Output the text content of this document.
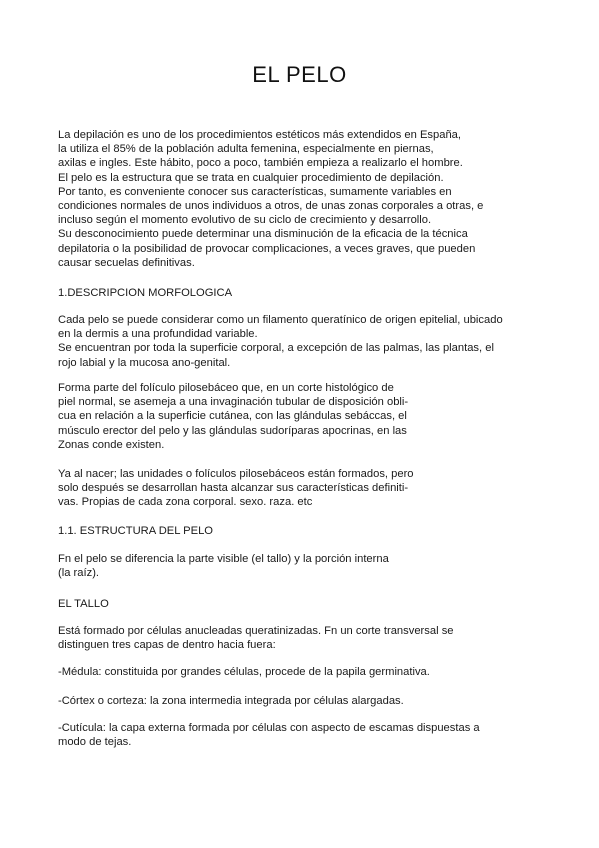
EL PELO
La depilación es uno de los procedimientos estéticos más extendidos en España,
la utiliza el 85% de la población adulta femenina, especialmente en piernas,
axilas e ingles. Este hábito, poco a poco, también empieza a realizarlo el hombre.
El pelo es la estructura que se trata en cualquier procedimiento de depilación.
Por tanto, es conveniente conocer sus características, sumamente variables en
condiciones normales de unos individuos a otros, de unas zonas corporales a otras, e
incluso según el momento evolutivo de su ciclo de crecimiento y desarrollo.
Su desconocimiento puede determinar una disminución de la eficacia de la técnica
depilatoria o la posibilidad de provocar complicaciones, a veces graves, que pueden
causar secuelas definitivas.
1.DESCRIPCION MORFOLOGICA
Cada pelo se puede considerar como un filamento queratínico de origen epitelial, ubicado
en la dermis a una profundidad variable.
Se encuentran por toda la superficie corporal, a excepción de las palmas, las plantas, el
rojo labial y la mucosa ano-genital.
Forma parte del folículo pilosebáceo que, en un corte histológico de
piel normal, se asemeja a una invaginación tubular de disposición obli-
cua en relación a la superficie cutánea, con las glándulas sebáccas, el
músculo erector del pelo y las glándulas sudoríparas apocrinas, en las
Zonas conde existen.
Ya al nacer; las unidades o folículos pilosebáceos están formados, pero
solo después se desarrollan hasta alcanzar sus características definiti-
vas. Propias de cada zona corporal. sexo. raza. etc
1.1. ESTRUCTURA DEL PELO
Fn el pelo se diferencia la parte visible (el tallo) y la porción interna
(la raíz).
EL TALLO
Está formado por células anucleadas queratinizadas. Fn un corte transversal se
distinguen tres capas de dentro hacia fuera:
-Médula: constituida por grandes células, procede de la papila germinativa.
-Córtex o corteza: la zona intermedia integrada por células alargadas.
-Cutícula: la capa externa formada por células con aspecto de escamas dispuestas a
modo de tejas.
